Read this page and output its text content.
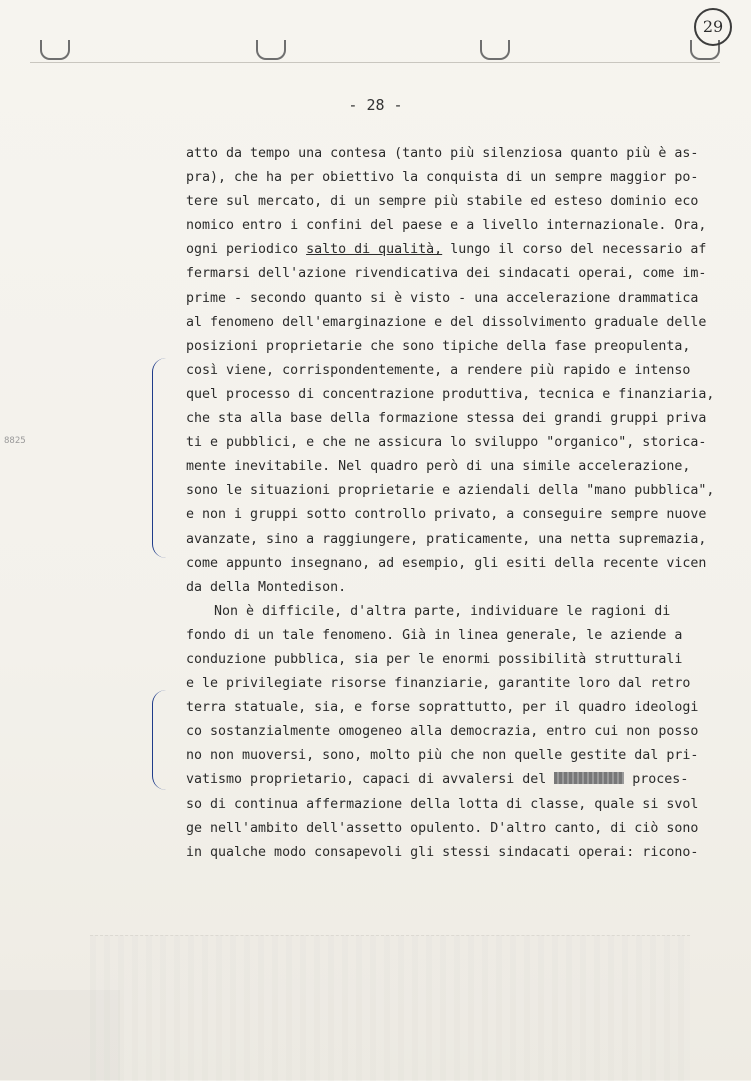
29
- 28 -
8825

atto da tempo una contesa (tanto più silenziosa quanto più è as-

pra), che ha per obiettivo la conquista di un sempre maggior po-

tere sul mercato, di un sempre più stabile ed esteso dominio eco

nomico entro i confini del paese e a livello internazionale. Ora,

ogni periodico salto di qualità, lungo il corso del necessario af

fermarsi dell'azione rivendicativa dei sindacati operai, come im-

prime - secondo quanto si è visto - una accelerazione drammatica

al fenomeno dell'emarginazione e del dissolvimento graduale delle

posizioni proprietarie che sono tipiche della fase preopulenta,

così viene, corrispondentemente, a rendere più rapido e intenso

quel processo di concentrazione produttiva, tecnica e finanziaria,

che sta alla base della formazione stessa dei grandi gruppi priva

ti e pubblici, e che ne assicura lo sviluppo "organico", storica-

mente inevitabile. Nel quadro però di una simile accelerazione,

sono le situazioni proprietarie e aziendali della "mano pubblica",

e non i gruppi sotto controllo privato, a conseguire sempre nuove

avanzate, sino a raggiungere, praticamente, una netta supremazia,

come appunto insegnano, ad esempio, gli esiti della recente vicen

da della Montedison.

Non è difficile, d'altra parte, individuare le ragioni di

fondo di un tale fenomeno. Già in linea generale, le aziende a

conduzione pubblica, sia per le enormi possibilità strutturali

e le privilegiate risorse finanziarie, garantite loro dal retro

terra statuale, sia, e forse soprattutto, per il quadro ideologi

co sostanzialmente omogeneo alla democrazia, entro cui non posso

no non muoversi, sono, molto più che non quelle gestite dal pri-

vatismo proprietario, capaci di avvalersi del	proces-

so di continua affermazione della lotta di classe, quale si svol

ge nell'ambito dell'assetto opulento. D'altro canto, di ciò sono

in qualche modo consapevoli gli stessi sindacati operai: ricono-
